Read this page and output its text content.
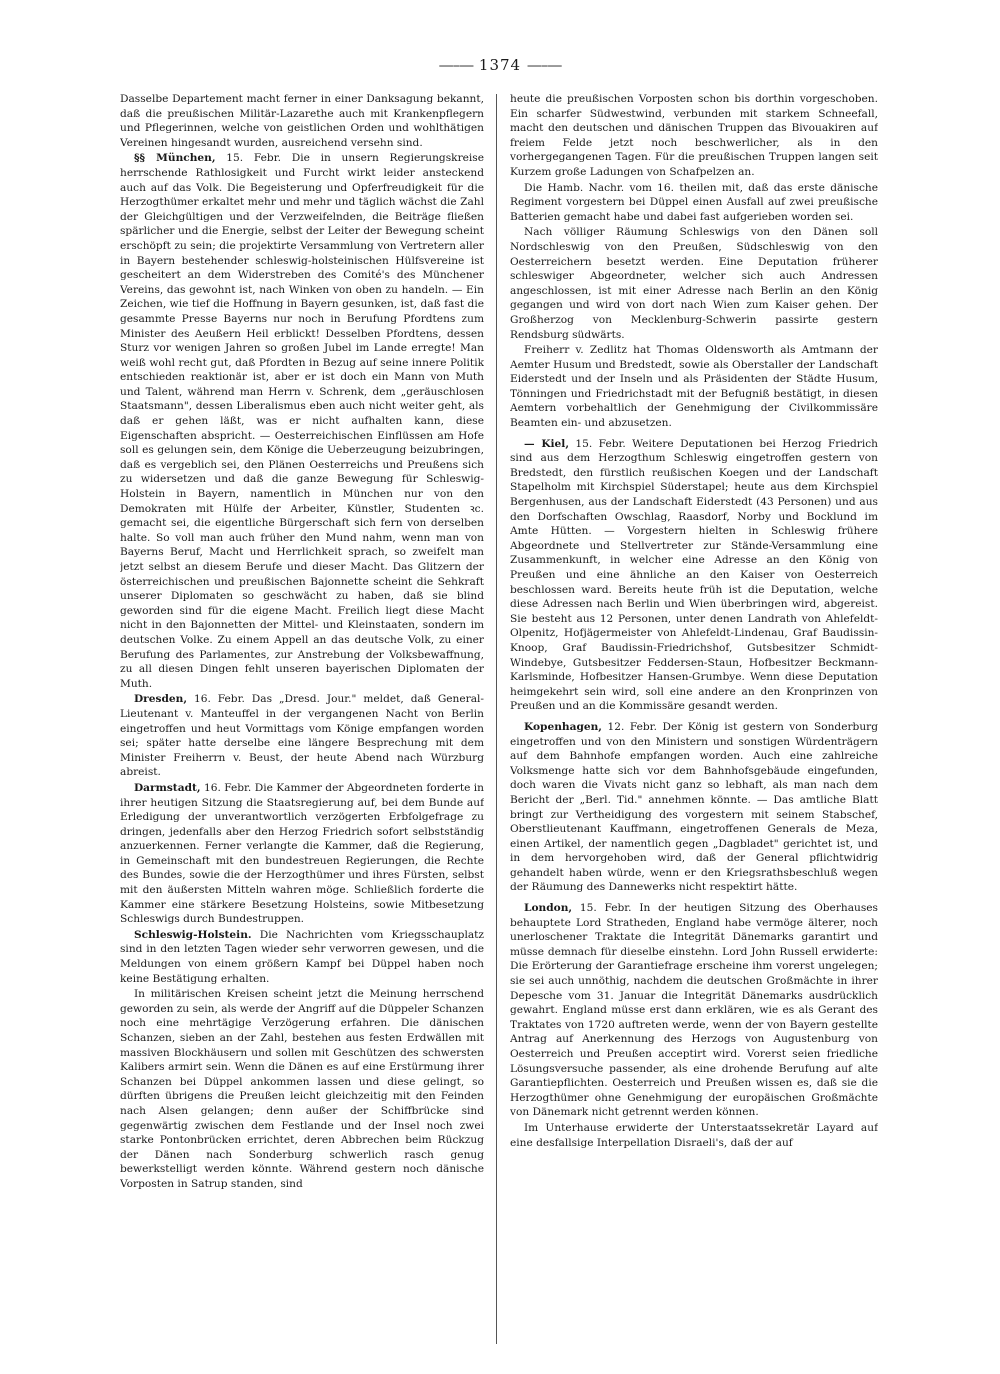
—–— 1374 —–—

Dasselbe Departement macht ferner in einer Danksagung bekannt, daß die preußischen Militär-Lazarethe auch mit Krankenpflegern und Pflegerinnen, welche von geistlichen Orden und wohlthätigen Vereinen hingesandt wurden, ausreichend versehn sind.

§§ München, 15. Febr. Die in unsern Regierungskreise herrschende Rathlosigkeit und Furcht wirkt leider ansteckend auch auf das Volk. Die Begeisterung und Opferfreudigkeit für die Herzogthümer erkaltet mehr und mehr und täglich wächst die Zahl der Gleichgültigen und der Verzweifelnden, die Beiträge fließen spärlicher und die Energie, selbst der Leiter der Bewegung scheint erschöpft zu sein; die projektirte Versammlung von Vertretern aller in Bayern bestehender schleswig-holsteinischen Hülfsvereine ist gescheitert an dem Widerstreben des Comité's des Münchener Vereins, das gewohnt ist, nach Winken von oben zu handeln. — Ein Zeichen, wie tief die Hoffnung in Bayern gesunken, ist, daß fast die gesammte Presse Bayerns nur noch in Berufung Pfordtens zum Minister des Aeußern Heil erblickt! Desselben Pfordtens, dessen Sturz vor wenigen Jahren so großen Jubel im Lande erregte! Man weiß wohl recht gut, daß Pfordten in Bezug auf seine innere Politik entschieden reaktionär ist, aber er ist doch ein Mann von Muth und Talent, während man Herrn v. Schrenk, dem „geräuschlosen Staatsmann", dessen Liberalismus eben auch nicht weiter geht, als daß er gehen läßt, was er nicht aufhalten kann, diese Eigenschaften abspricht. — Oesterreichischen Einflüssen am Hofe soll es gelungen sein, dem Könige die Ueberzeugung beizubringen, daß es vergeblich sei, den Plänen Oesterreichs und Preußens sich zu widersetzen und daß die ganze Bewegung für Schleswig-Holstein in Bayern, namentlich in München nur von den Demokraten mit Hülfe der Arbeiter, Künstler, Studenten ꝛc. gemacht sei, die eigentliche Bürgerschaft sich fern von derselben halte. So voll man auch früher den Mund nahm, wenn man von Bayerns Beruf, Macht und Herrlichkeit sprach, so zweifelt man jetzt selbst an diesem Berufe und dieser Macht. Das Glitzern der österreichischen und preußischen Bajonnette scheint die Sehkraft unserer Diplomaten so geschwächt zu haben, daß sie blind geworden sind für die eigene Macht. Freilich liegt diese Macht nicht in den Bajonnetten der Mittel- und Kleinstaaten, sondern im deutschen Volke. Zu einem Appell an das deutsche Volk, zu einer Berufung des Parlamentes, zur Anstrebung der Volksbewaffnung, zu all diesen Dingen fehlt unseren bayerischen Diplomaten der Muth.

Dresden, 16. Febr. Das „Dresd. Jour." meldet, daß General-Lieutenant v. Manteuffel in der vergangenen Nacht von Berlin eingetroffen und heut Vormittags vom Könige empfangen worden sei; später hatte derselbe eine längere Besprechung mit dem Minister Freiherrn v. Beust, der heute Abend nach Würzburg abreist.

Darmstadt, 16. Febr. Die Kammer der Abgeordneten forderte in ihrer heutigen Sitzung die Staatsregierung auf, bei dem Bunde auf Erledigung der unverantwortlich verzögerten Erbfolgefrage zu dringen, jedenfalls aber den Herzog Friedrich sofort selbstständig anzuerkennen. Ferner verlangte die Kammer, daß die Regierung, in Gemeinschaft mit den bundestreuen Regierungen, die Rechte des Bundes, sowie die der Herzogthümer und ihres Fürsten, selbst mit den äußersten Mitteln wahren möge. Schließlich forderte die Kammer eine stärkere Besetzung Holsteins, sowie Mitbesetzung Schleswigs durch Bundestruppen.

Schleswig-Holstein. Die Nachrichten vom Kriegsschauplatz sind in den letzten Tagen wieder sehr verworren gewesen, und die Meldungen von einem größern Kampf bei Düppel haben noch keine Bestätigung erhalten.

In militärischen Kreisen scheint jetzt die Meinung herrschend geworden zu sein, als werde der Angriff auf die Düppeler Schanzen noch eine mehrtägige Verzögerung erfahren. Die dänischen Schanzen, sieben an der Zahl, bestehen aus festen Erdwällen mit massiven Blockhäusern und sollen mit Geschützen des schwersten Kalibers armirt sein. Wenn die Dänen es auf eine Erstürmung ihrer Schanzen bei Düppel ankommen lassen und diese gelingt, so dürften übrigens die Preußen leicht gleichzeitig mit den Feinden nach Alsen gelangen; denn außer der Schiffbrücke sind gegenwärtig zwischen dem Festlande und der Insel noch zwei starke Pontonbrücken errichtet, deren Abbrechen beim Rückzug der Dänen nach Sonderburg schwerlich rasch genug bewerkstelligt werden könnte. Während gestern noch dänische Vorposten in Satrup standen, sind

heute die preußischen Vorposten schon bis dorthin vorgeschoben. Ein scharfer Südwestwind, verbunden mit starkem Schneefall, macht den deutschen und dänischen Truppen das Bivouakiren auf freiem Felde jetzt noch beschwerlicher, als in den vorhergegangenen Tagen. Für die preußischen Truppen langen seit Kurzem große Ladungen von Schafpelzen an.

Die Hamb. Nachr. vom 16. theilen mit, daß das erste dänische Regiment vorgestern bei Düppel einen Ausfall auf zwei preußische Batterien gemacht habe und dabei fast aufgerieben worden sei.

Nach völliger Räumung Schleswigs von den Dänen soll Nordschleswig von den Preußen, Südschleswig von den Oesterreichern besetzt werden. Eine Deputation früherer schleswiger Abgeordneter, welcher sich auch Andressen angeschlossen, ist mit einer Adresse nach Berlin an den König gegangen und wird von dort nach Wien zum Kaiser gehen. Der Großherzog von Mecklenburg-Schwerin passirte gestern Rendsburg südwärts.

Freiherr v. Zedlitz hat Thomas Oldensworth als Amtmann der Aemter Husum und Bredstedt, sowie als Oberstaller der Landschaft Eiderstedt und der Inseln und als Präsidenten der Städte Husum, Tönningen und Friedrichstadt mit der Befugniß bestätigt, in diesen Aemtern vorbehaltlich der Genehmigung der Civilkommissäre Beamten ein- und abzusetzen.

— Kiel, 15. Febr. Weitere Deputationen bei Herzog Friedrich sind aus dem Herzogthum Schleswig eingetroffen gestern von Bredstedt, den fürstlich reußischen Koegen und der Landschaft Stapelholm mit Kirchspiel Süderstapel; heute aus dem Kirchspiel Bergenhusen, aus der Landschaft Eiderstedt (43 Personen) und aus den Dorfschaften Owschlag, Raasdorf, Norby und Bocklund im Amte Hütten. — Vorgestern hielten in Schleswig frühere Abgeordnete und Stellvertreter zur Stände-Versammlung eine Zusammenkunft, in welcher eine Adresse an den König von Preußen und eine ähnliche an den Kaiser von Oesterreich beschlossen ward. Bereits heute früh ist die Deputation, welche diese Adressen nach Berlin und Wien überbringen wird, abgereist. Sie besteht aus 12 Personen, unter denen Landrath von Ahlefeldt-Olpenitz, Hofjägermeister von Ahlefeldt-Lindenau, Graf Baudissin-Knoop, Graf Baudissin-Friedrichshof, Gutsbesitzer Schmidt-Windebye, Gutsbesitzer Feddersen-Staun, Hofbesitzer Beckmann-Karlsminde, Hofbesitzer Hansen-Grumbye. Wenn diese Deputation heimgekehrt sein wird, soll eine andere an den Kronprinzen von Preußen und an die Kommissäre gesandt werden.

Kopenhagen, 12. Febr. Der König ist gestern von Sonderburg eingetroffen und von den Ministern und sonstigen Würdenträgern auf dem Bahnhofe empfangen worden. Auch eine zahlreiche Volksmenge hatte sich vor dem Bahnhofsgebäude eingefunden, doch waren die Vivats nicht ganz so lebhaft, als man nach dem Bericht der „Berl. Tid." annehmen könnte. — Das amtliche Blatt bringt zur Vertheidigung des vorgestern mit seinem Stabschef, Oberstlieutenant Kauffmann, eingetroffenen Generals de Meza, einen Artikel, der namentlich gegen „Dagbladet" gerichtet ist, und in dem hervorgehoben wird, daß der General pflichtwidrig gehandelt haben würde, wenn er den Kriegsrathsbeschluß wegen der Räumung des Dannewerks nicht respektirt hätte.

London, 15. Febr. In der heutigen Sitzung des Oberhauses behauptete Lord Stratheden, England habe vermöge älterer, noch unerloschener Traktate die Integrität Dänemarks garantirt und müsse demnach für dieselbe einstehn. Lord John Russell erwiderte: Die Erörterung der Garantiefrage erscheine ihm vorerst ungelegen; sie sei auch unnöthig, nachdem die deutschen Großmächte in ihrer Depesche vom 31. Januar die Integrität Dänemarks ausdrücklich gewahrt. England müsse erst dann erklären, wie es als Gerant des Traktates von 1720 auftreten werde, wenn der von Bayern gestellte Antrag auf Anerkennung des Herzogs von Augustenburg von Oesterreich und Preußen acceptirt wird. Vorerst seien friedliche Lösungsversuche passender, als eine drohende Berufung auf alte Garantiepflichten. Oesterreich und Preußen wissen es, daß sie die Herzogthümer ohne Genehmigung der europäischen Großmächte von Dänemark nicht getrennt werden können.

Im Unterhause erwiderte der Unterstaatssekretär Layard auf eine desfallsige Interpellation Disraeli's, daß der auf
